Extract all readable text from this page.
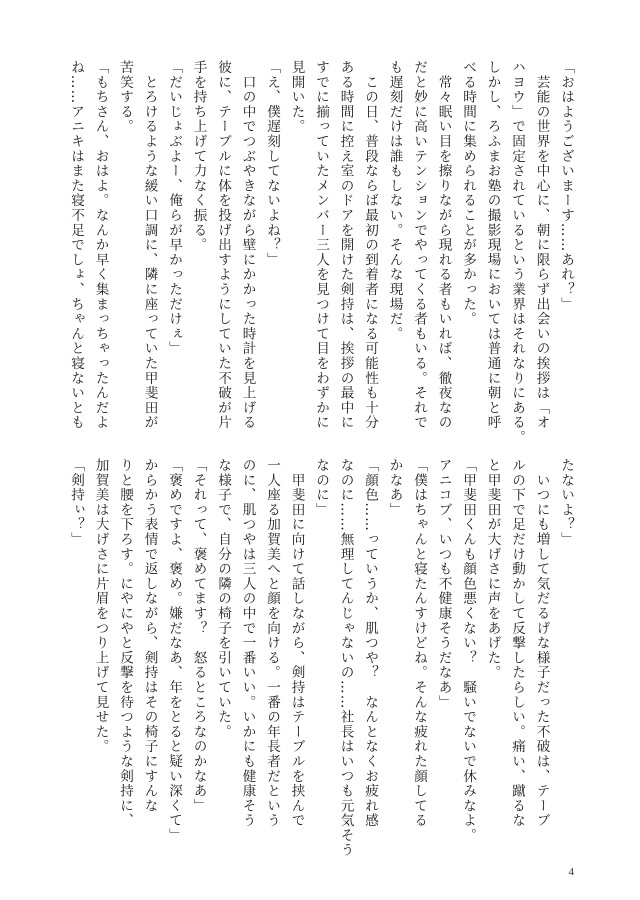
「おはようございまーす……あれ？」
　芸能の世界を中心に、朝に限らず出会いの挨拶は「オ
ハヨウ」で固定されているという業界はそれなりにある。
しかし、ろふまお塾の撮影現場においては普通に朝と呼
べる時間に集められることが多かった。
　常々眠い目を擦りながら現れる者もいれば、徹夜なの
だと妙に高いテンションでやってくる者もいる。それで
も遅刻だけは誰もしない。そんな現場だ。
　この日、普段ならば最初の到着者になる可能性も十分
ある時間に控え室のドアを開けた剣持は、挨拶の最中に
すでに揃っていたメンバー三人を見つけて目をわずかに
見開いた。
「え、僕遅刻してないよね？」
　口の中でつぶやきながら壁にかかった時計を見上げる
彼に、テーブルに体を投げ出すようにしていた不破が片
手を持ち上げて力なく振る。
「だいじょぶよー、俺らが早かっただけぇ」
　とろけるような緩い口調に、隣に座っていた甲斐田が
苦笑する。
「もちさん、おはよ。なんか早く集まっちゃったんだよ
ね……アニキはまた寝不足でしょ、ちゃんと寝ないとも
たないよ？」
　いつにも増して気だるげな様子だった不破は、テーブ
ルの下で足だけ動かして反撃したらしい。痛い、蹴るな
と甲斐田が大げさに声をあげた。
「甲斐田くんも顔色悪くない？　騒いでないで休みなよ。
アニコブ、いつも不健康そうだなあ」
「僕はちゃんと寝たんすけどね。そんな疲れた顔してる
かなあ」
「顔色……っていうか、肌つや？　なんとなくお疲れ感
なのに……無理してんじゃないの……社長はいつも元気そう
なのに」
　甲斐田に向けて話しながら、剣持はテーブルを挟んで
一人座る加賀美へと顔を向ける。一番の年長者だという
のに、肌つやは三人の中で一番いい。いかにも健康そう
な様子で、自分の隣の椅子を引いていた。
「それって、褒めてます？　怒るところなのかなあ」
「褒めですよ、褒め。嫌だなあ、年をとると疑い深くて」
からかう表情で返しながら、剣持はその椅子にすんな
りと腰を下ろす。にやにやと反撃を待つような剣持に、
加賀美は大げさに片眉をつり上げて見せた。
「剣持ぃ？」
4
